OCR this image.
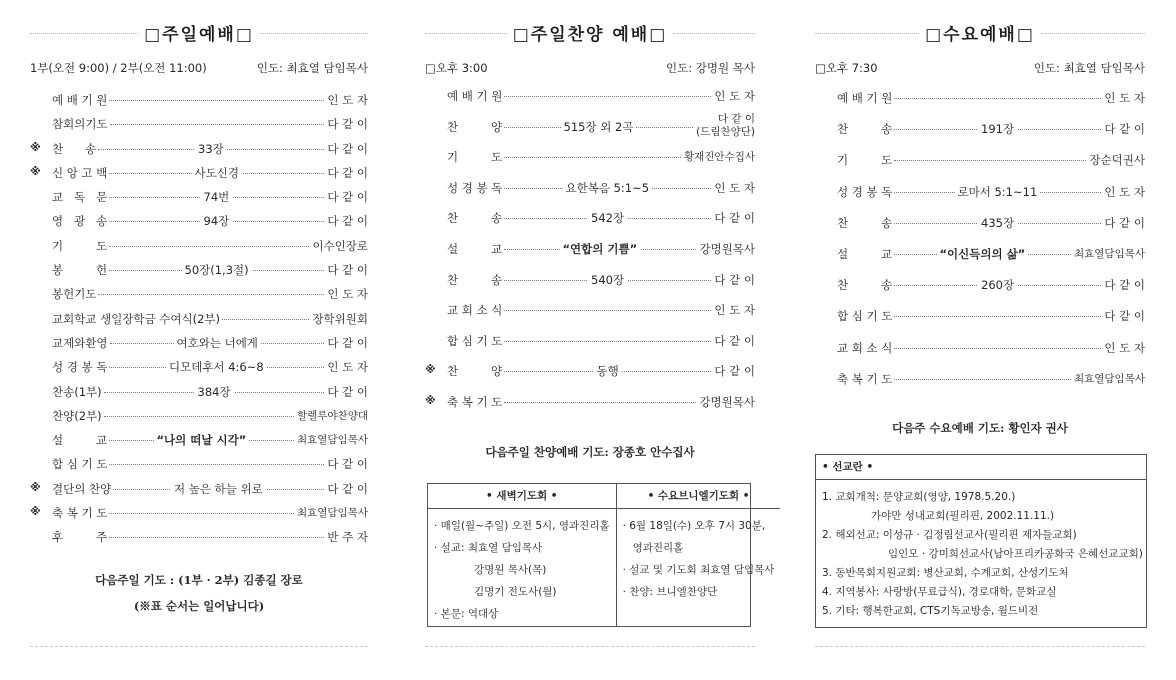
□주일예배□
1부(오전 9:00) / 2부(오전 11:00)	인도: 최효열 담임목사
예 배 기 원	인 도 자
참회의기도	다 같 이
※ 찬      송	33장	다 같 이
※ 신 앙 고 백	사도신경	다 같 이
교   독   문	74번	다 같 이
영   광   송	94장	다 같 이
기         도	이수인장로
봉         헌	50장(1,3절)	다 같 이
봉헌기도	인 도 자
교회학교 생일장학금 수여식(2부)	장학위원회
교제와환영	여호와는 너에게	다 같 이
성 경 봉 독	디모데후서 4:6~8	인 도 자
찬송(1부)	384장	다 같 이
찬양(2부)	할렐루야찬양대
설         교	“나의 떠날 시각”	최효열담임목사
합 심 기 도	다 같 이
※ 결단의 찬양	저 높은 하늘 위로	다 같 이
※ 축 복 기 도	최효열담임목사
후         주	반 주 자
다음주일 기도 : (1부 · 2부) 김종길 장로
(※표 순서는 일어납니다)
□주일찬양 예배□
□오후 3:00	인도: 강명원 목사
예 배 기 원	인 도 자
찬         양	515장 외 2곡
다 같 이
(드림찬양단)
기         도	황재진안수집사
성 경 봉 독	요한복음 5:1~5	인 도 자
찬         송	542장	다 같 이
설         교	“연합의 기쁨”	강명원목사
찬         송	540장	다 같 이
교 회 소 식	인 도 자
합 심 기 도	다 같 이
※ 찬         양	동행	다 같 이
※ 축 복 기 도	강명원목사
다음주일 찬양예배 기도: 장종호 안수집사
• 새벽기도회 •
· 매일(월~주일) 오전 5시, 영과진리홀
· 설교: 최효열 담임목사
강명원 목사(목)
김명기 전도사(월)
· 본문: 역대상
• 수요브니엘기도회 •
· 6월 18일(수) 오후 7시 30분,
영과진리홀
· 설교 및 기도회 최효열 담임목사
· 찬양: 브니엘찬양단
□수요예배□
□오후 7:30	인도: 최효열 담임목사
예 배 기 원	인 도 자
찬         송	191장	다 같 이
기         도	장순덕권사
성 경 봉 독	로마서 5:1~11	인 도 자
찬         송	435장	다 같 이
설         교	“이신득의의 삶”	최효열담임목사
찬         송	260장	다 같 이
합 심 기 도	다 같 이
교 회 소 식	인 도 자
축 복 기 도	최효열담임목사
다음주 수요예배 기도: 황인자 권사
• 선교란 •
1. 교회개척: 문양교회(영양, 1978.5.20.)
가야만 성내교회(필리핀, 2002.11.11.)
2. 해외선교: 이성규 · 김정림선교사(필리핀 제자들교회)
임인모 · 강미희선교사(남아프리카공화국 은혜선교교회)
3. 동반목회지원교회: 병산교회, 수계교회, 산성기도처
4. 지역봉사: 사랑방(무료급식), 경로대학, 문화교실
5. 기타: 행복한교회, CTS기독교방송, 월드비전
